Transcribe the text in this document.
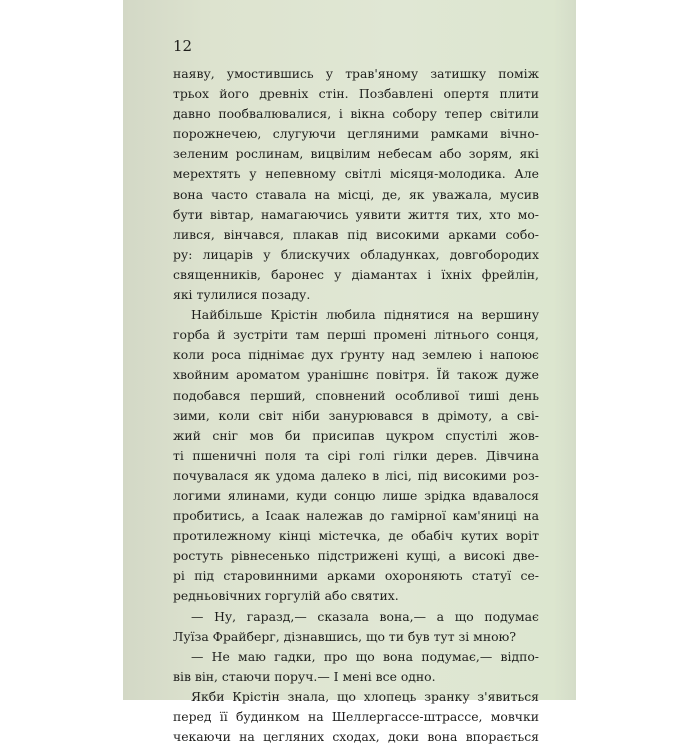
12
наяву, умостившись у трав'яному затишку поміж
трьох його древніх стін. Позбавлені опертя плити
давно пообвалювалися, і вікна собору тепер світили
порожнечею, слугуючи цегляними рамками вічно-
зеленим рослинам, вицвілим небесам або зорям, які
мерехтять у непевному світлі місяця-молодика. Але
вона часто ставала на місці, де, як уважала, мусив
бути вівтар, намагаючись уявити життя тих, хто мо-
лився, вінчався, плакав під високими арками собо-
ру: лицарів у блискучих обладунках, довгобородих
священників, баронес у діамантах і їхніх фрейлін,
які тулилися позаду.
Найбільше Крістін любила піднятися на вершину
горба й зустріти там перші промені літнього сонця,
коли роса піднімає дух ґрунту над землею і напоює
хвойним ароматом уранішнє повітря. Їй також дуже
подобався перший, сповнений особливої тиші день
зими, коли світ ніби занурювався в дрімоту, а сві-
жий сніг мов би присипав цукром спустілі жов-
ті пшеничні поля та сірі голі гілки дерев. Дівчина
почувалася як удома далеко в лісі, під високими роз-
логими ялинами, куди сонцю лише зрідка вдавалося
пробитись, а Ісаак належав до гамірної кам'яниці на
протилежному кінці містечка, де обабіч кутих воріт
ростуть рівнесенько підстрижені кущі, а високі две-
рі під старовинними арками охороняють статуї се-
редньовічних горгулій або святих.
— Ну, гаразд,— сказала вона,— а що подумає
Луїза Фрайберг, дізнавшись, що ти був тут зі мною?
— Не маю гадки, про що вона подумає,— відпо-
вів він, стаючи поруч.— І мені все одно.
Якби Крістін знала, що хлопець зранку з'явиться
перед її будинком на Шеллергассе-штрассе, мовчки
чекаючи на цегляних сходах, доки вона впорається
